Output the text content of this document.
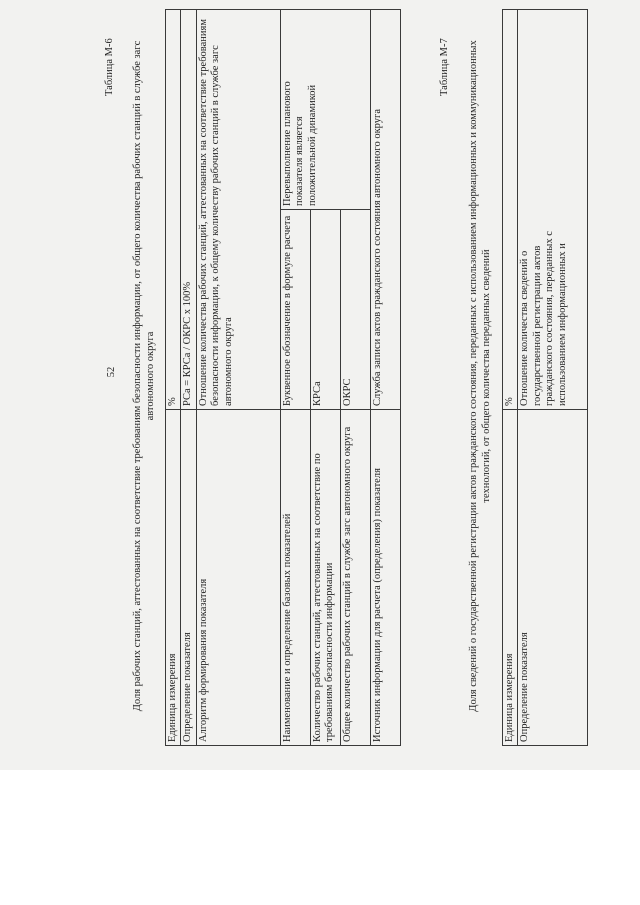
52
Таблица М-6 Доля рабочих станций, аттестованных на соответствие требованиям безопасности информации, от общего количества рабочих станций в службе загс автономного округа
Единица измерения	%	
Определение показателя	РСа = КРСа / ОКРС х 100%	
Алгоритм формирования показателя	Отношение количества рабочих станций, аттестованных на соответствие требованиям безопасности информации, к общему количеству рабочих станций в службе загс автономного округа	
Наименование и определение базовых показателей	Буквенное обозначение в формуле расчета	Перевыполнение планового показателя является положительной динамикой
Количество рабочих станций, аттестованных на соответствие по требованиям безопасности информации	КРСа	
Общее количество рабочих станций в службе загс автономного округа	ОКРС	
Источник информации для расчета (определения) показателя	Служба записи актов гражданского состояния автономного округа	
Таблица М-7 Доля сведений о государственной регистрации актов гражданского состояния, переданных с использованием информационных и коммуникационных технологий, от общего количества переданных сведений
Единица измерения	%
Определение показателя	Отношение количества сведений о государственной регистрации актов гражданского состояния, переданных с использованием информационных и
